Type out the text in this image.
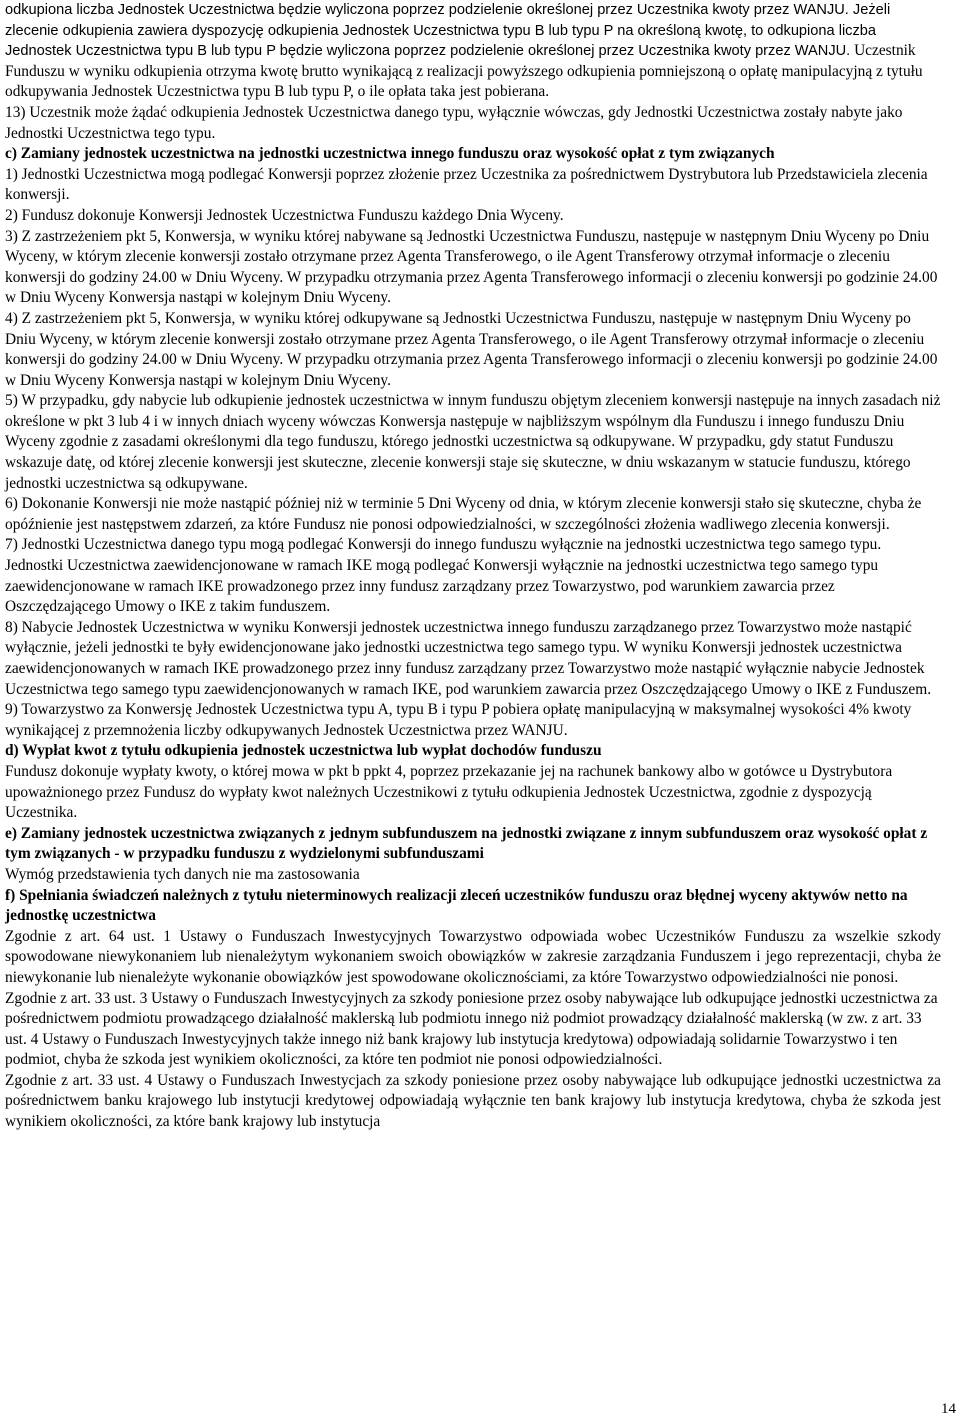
odkupiona liczba Jednostek Uczestnictwa będzie wyliczona poprzez podzielenie określonej przez Uczestnika kwoty przez WANJU. Jeżeli zlecenie odkupienia zawiera dyspozycję odkupienia Jednostek Uczestnictwa typu B lub typu P na określoną kwotę, to odkupiona liczba Jednostek Uczestnictwa typu B lub typu P będzie wyliczona poprzez podzielenie określonej przez Uczestnika kwoty przez WANJU. Uczestnik Funduszu w wyniku odkupienia otrzyma kwotę brutto wynikającą z realizacji powyższego odkupienia pomniejszoną o opłatę manipulacyjną z tytułu odkupywania Jednostek Uczestnictwa typu B lub typu P, o ile opłata taka jest pobierana.

13) Uczestnik może żądać odkupienia Jednostek Uczestnictwa danego typu, wyłącznie wówczas, gdy Jednostki Uczestnictwa zostały nabyte jako Jednostki Uczestnictwa tego typu.

c) Zamiany jednostek uczestnictwa na jednostki uczestnictwa innego funduszu oraz wysokość opłat z tym związanych

1) Jednostki Uczestnictwa mogą podlegać Konwersji poprzez złożenie przez Uczestnika za pośrednictwem Dystrybutora lub Przedstawiciela zlecenia konwersji.

2) Fundusz dokonuje Konwersji Jednostek Uczestnictwa Funduszu każdego Dnia Wyceny.

3) Z zastrzeżeniem pkt 5, Konwersja, w wyniku której nabywane są Jednostki Uczestnictwa Funduszu, następuje w następnym Dniu Wyceny po Dniu Wyceny, w którym zlecenie konwersji zostało otrzymane przez Agenta Transferowego, o ile Agent Transferowy otrzymał informacje o zleceniu konwersji do godziny 24.00 w Dniu Wyceny. W przypadku otrzymania przez Agenta Transferowego informacji o zleceniu konwersji po godzinie 24.00 w Dniu Wyceny Konwersja nastąpi w kolejnym Dniu Wyceny.

4) Z zastrzeżeniem pkt 5, Konwersja, w wyniku której odkupywane są Jednostki Uczestnictwa Funduszu, następuje w następnym Dniu Wyceny po Dniu Wyceny, w którym zlecenie konwersji zostało otrzymane przez Agenta Transferowego, o ile Agent Transferowy otrzymał informacje o zleceniu konwersji do godziny 24.00 w Dniu Wyceny. W przypadku otrzymania przez Agenta Transferowego informacji o zleceniu konwersji po godzinie 24.00 w Dniu Wyceny Konwersja nastąpi w kolejnym Dniu Wyceny.

5) W przypadku, gdy nabycie lub odkupienie jednostek uczestnictwa w innym funduszu objętym zleceniem konwersji następuje na innych zasadach niż określone w pkt 3 lub 4 i w innych dniach wyceny wówczas Konwersja następuje w najbliższym wspólnym dla Funduszu i innego funduszu Dniu Wyceny zgodnie z zasadami określonymi dla tego funduszu, którego jednostki uczestnictwa są odkupywane. W przypadku, gdy statut Funduszu wskazuje datę, od której zlecenie konwersji jest skuteczne, zlecenie konwersji staje się skuteczne, w dniu wskazanym w statucie funduszu, którego jednostki uczestnictwa są odkupywane.

6) Dokonanie Konwersji nie może nastąpić później niż w terminie 5 Dni Wyceny od dnia, w którym zlecenie konwersji stało się skuteczne, chyba że opóźnienie jest następstwem zdarzeń, za które Fundusz nie ponosi odpowiedzialności, w szczególności złożenia wadliwego zlecenia konwersji.

7) Jednostki Uczestnictwa danego typu mogą podlegać Konwersji do innego funduszu wyłącznie na jednostki uczestnictwa tego samego typu. Jednostki Uczestnictwa zaewidencjonowane w ramach IKE mogą podlegać Konwersji wyłącznie na jednostki uczestnictwa tego samego typu zaewidencjonowane w ramach IKE prowadzonego przez inny fundusz zarządzany przez Towarzystwo, pod warunkiem zawarcia przez Oszczędzającego Umowy o IKE z takim funduszem.

8) Nabycie Jednostek Uczestnictwa w wyniku Konwersji jednostek uczestnictwa innego funduszu zarządzanego przez Towarzystwo może nastąpić wyłącznie, jeżeli jednostki te były ewidencjonowane jako jednostki uczestnictwa tego samego typu. W wyniku Konwersji jednostek uczestnictwa zaewidencjonowanych w ramach IKE prowadzonego przez inny fundusz zarządzany przez Towarzystwo może nastąpić wyłącznie nabycie Jednostek Uczestnictwa tego samego typu zaewidencjonowanych w ramach IKE, pod warunkiem zawarcia przez Oszczędzającego Umowy o IKE z Funduszem.

9) Towarzystwo za Konwersję Jednostek Uczestnictwa typu A, typu B i typu P pobiera opłatę manipulacyjną w maksymalnej wysokości 4% kwoty wynikającej z przemnożenia liczby odkupywanych Jednostek Uczestnictwa przez WANJU.

d) Wypłat kwot z tytułu odkupienia jednostek uczestnictwa lub wypłat dochodów funduszu

Fundusz dokonuje wypłaty kwoty, o której mowa w pkt b ppkt 4, poprzez przekazanie jej na rachunek bankowy albo w gotówce u Dystrybutora upoważnionego przez Fundusz do wypłaty kwot należnych Uczestnikowi z tytułu odkupienia Jednostek Uczestnictwa, zgodnie z dyspozycją Uczestnika.

e) Zamiany jednostek uczestnictwa związanych z jednym subfunduszem na jednostki związane z innym subfunduszem oraz wysokość opłat z tym związanych - w przypadku funduszu z wydzielonymi subfunduszami

Wymóg przedstawienia tych danych nie ma zastosowania

f) Spełniania świadczeń należnych z tytułu nieterminowych realizacji zleceń uczestników funduszu oraz błędnej wyceny aktywów netto na jednostkę uczestnictwa

Zgodnie z art. 64 ust. 1 Ustawy o Funduszach Inwestycyjnych Towarzystwo odpowiada wobec Uczestników Funduszu za wszelkie szkody spowodowane niewykonaniem lub nienależytym wykonaniem swoich obowiązków w zakresie zarządzania Funduszem i jego reprezentacji, chyba że niewykonanie lub nienależyte wykonanie obowiązków jest spowodowane okolicznościami, za które Towarzystwo odpowiedzialności nie ponosi.

Zgodnie z art. 33 ust. 3 Ustawy o Funduszach Inwestycyjnych za szkody poniesione przez osoby nabywające lub odkupujące jednostki uczestnictwa za pośrednictwem podmiotu prowadzącego działalność maklerską lub podmiotu innego niż podmiot prowadzący działalność maklerską (w zw. z art. 33 ust. 4 Ustawy o Funduszach Inwestycyjnych także innego niż bank krajowy lub instytucja kredytowa) odpowiadają solidarnie Towarzystwo i ten podmiot, chyba że szkoda jest wynikiem okoliczności, za które ten podmiot nie ponosi odpowiedzialności.

Zgodnie z art. 33 ust. 4 Ustawy o Funduszach Inwestycjach za szkody poniesione przez osoby nabywające lub odkupujące jednostki uczestnictwa za pośrednictwem banku krajowego lub instytucji kredytowej odpowiadają wyłącznie ten bank krajowy lub instytucja kredytowa, chyba że szkoda jest wynikiem okoliczności, za które bank krajowy lub instytucja

14
